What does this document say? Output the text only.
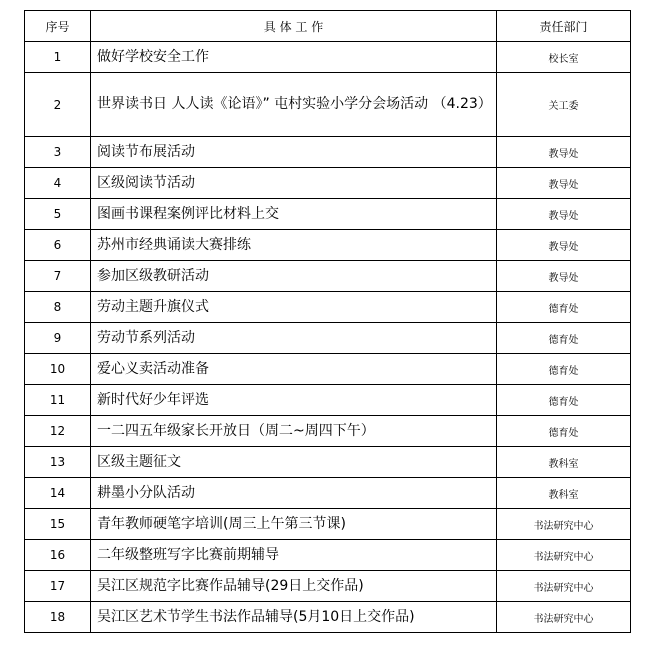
序号	具 体 工 作	责任部门
1	做好学校安全工作	校长室
2	世界读书日 人人读《论语》” 屯村实验小学分会场活动 （4.23）	关工委
3	阅读节布展活动	教导处
4	区级阅读节活动	教导处
5	图画书课程案例评比材料上交	教导处
6	苏州市经典诵读大赛排练	教导处
7	参加区级教研活动	教导处
8	劳动主题升旗仪式	德育处
9	劳动节系列活动	德育处
10	爱心义卖活动准备	德育处
11	新时代好少年评选	德育处
12	一二四五年级家长开放日（周二~周四下午）	德育处
13	区级主题征文	教科室
14	耕墨小分队活动	教科室
15	青年教师硬笔字培训(周三上午第三节课)	书法研究中心
16	二年级整班写字比赛前期辅导	书法研究中心
17	吴江区规范字比赛作品辅导(29日上交作品)	书法研究中心
18	吴江区艺术节学生书法作品辅导(5月10日上交作品)	书法研究中心
